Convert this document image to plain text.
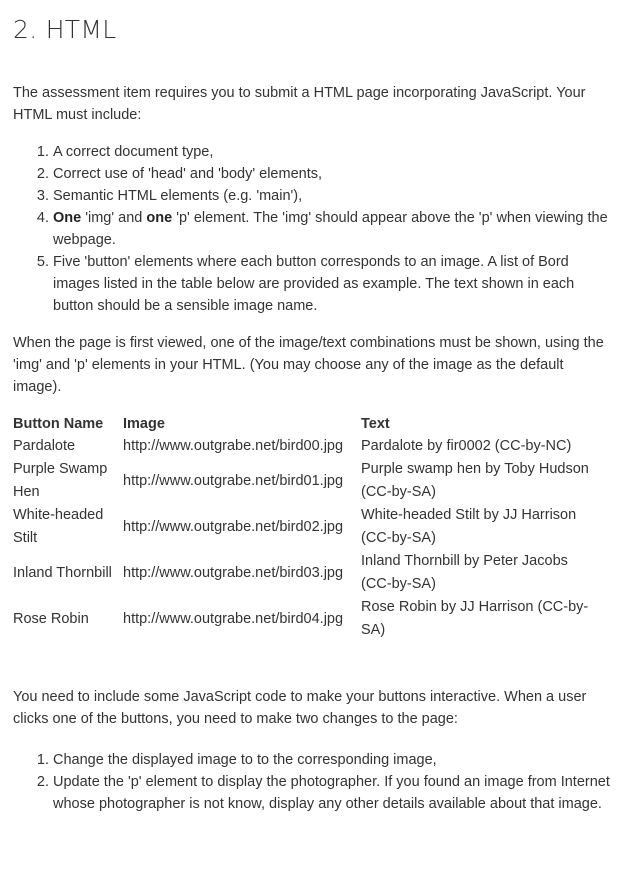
2. HTML

The assessment item requires you to submit a HTML page incorporating JavaScript. Your HTML must include:

1. A correct document type,
2. Correct use of 'head' and 'body' elements,
3. Semantic HTML elements (e.g. 'main'),
4. One 'img' and one 'p' element. The 'img' should appear above the 'p' when viewing the webpage.
5. Five 'button' elements where each button corresponds to an image. A list of Bord images listed in the table below are provided as example. The text shown in each button should be a sensible image name.

When the page is first viewed, one of the image/text combinations must be shown, using the 'img' and 'p' elements in your HTML. (You may choose any of the image as the default image).

Button Name	Image	Text
Pardalote	http://www.outgrabe.net/bird00.jpg	Pardalote by fir0002 (CC-by-NC)
Purple Swamp Hen	http://www.outgrabe.net/bird01.jpg	Purple swamp hen by Toby Hudson (CC-by-SA)
White-headed Stilt	http://www.outgrabe.net/bird02.jpg	White-headed Stilt by JJ Harrison (CC-by-SA)
Inland Thornbill	http://www.outgrabe.net/bird03.jpg	Inland Thornbill by Peter Jacobs (CC-by-SA)
Rose Robin	http://www.outgrabe.net/bird04.jpg	Rose Robin by JJ Harrison (CC-by-SA)

You need to include some JavaScript code to make your buttons interactive. When a user clicks one of the buttons, you need to make two changes to the page:

1. Change the displayed image to to the corresponding image,
2. Update the 'p' element to display the photographer. If you found an image from Internet whose photographer is not know, display any other details available about that image.
